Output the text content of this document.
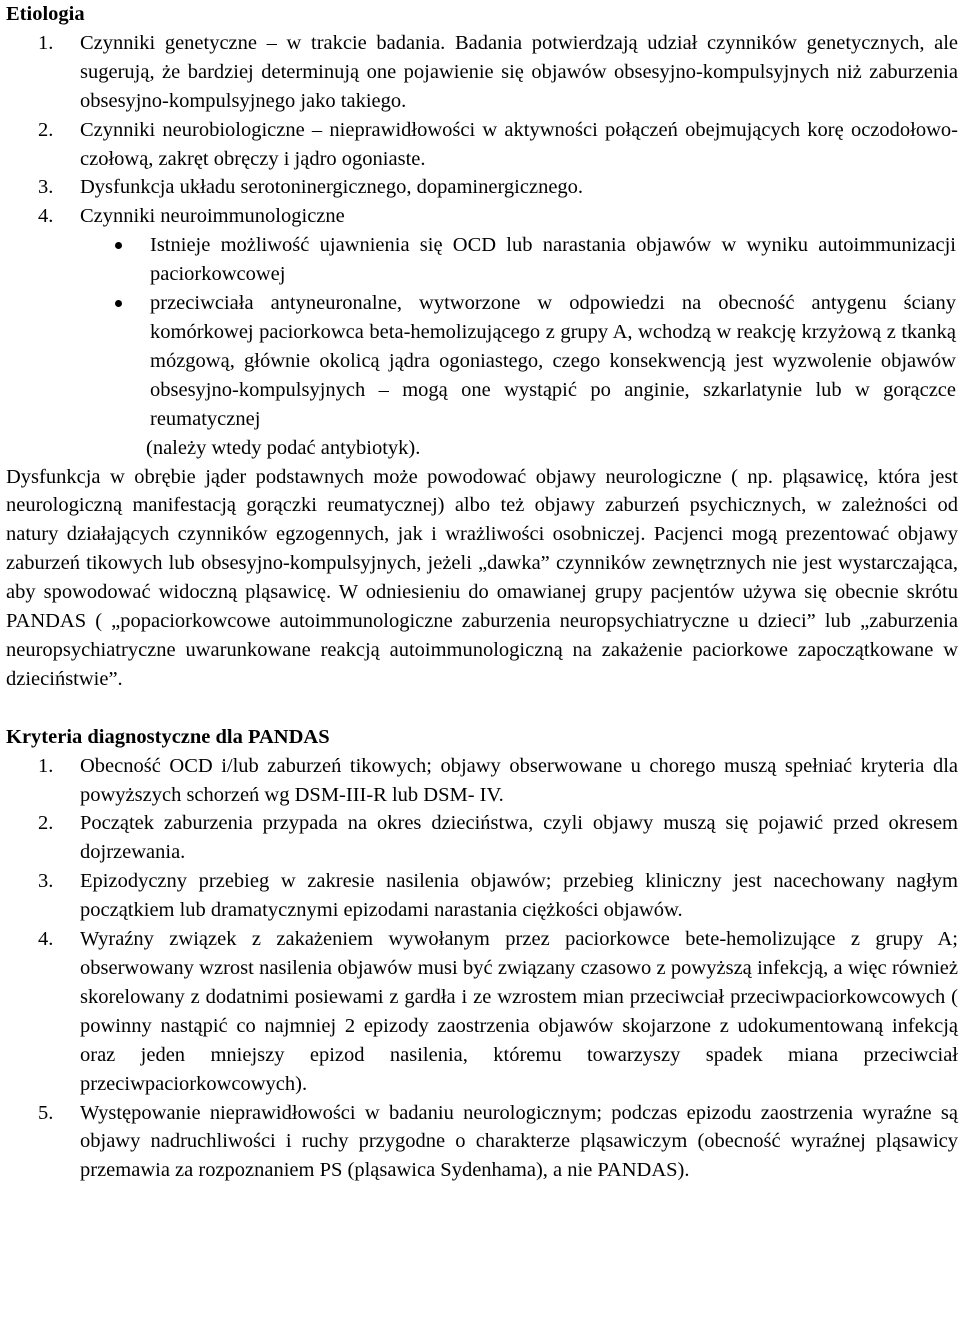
Etiologia

1. Czynniki genetyczne – w trakcie badania. Badania potwierdzają udział czynników genetycznych, ale sugerują, że bardziej determinują one pojawienie się objawów obsesyjno-kompulsyjnych niż zaburzenia obsesyjno-kompulsyjnego jako takiego.
2. Czynniki neurobiologiczne – nieprawidłowości w aktywności połączeń obejmujących korę oczodołowo-czołową, zakręt obręczy i jądro ogoniaste.
3. Dysfunkcja układu serotoninergicznego, dopaminergicznego.
4. Czynniki neuroimmunologiczne
Istnieje możliwość ujawnienia się OCD lub narastania objawów w wyniku autoimmunizacji paciorkowcowej
przeciwciała antyneuronalne, wytworzone w odpowiedzi na obecność antygenu ściany komórkowej paciorkowca beta-hemolizującego z grupy A, wchodzą w reakcję krzyżową z tkanką mózgową, głównie okolicą jądra ogoniastego, czego konsekwencją jest wyzwolenie objawów obsesyjno-kompulsyjnych – mogą one wystąpić po anginie, szkarlatynie lub w gorączce reumatycznej
(należy wtedy podać antybiotyk).

Dysfunkcja w obrębie jąder podstawnych może powodować objawy neurologiczne ( np. pląsawicę, która jest neurologiczną manifestacją gorączki reumatycznej) albo też objawy zaburzeń psychicznych, w zależności od natury działających czynników egzogennych, jak i wrażliwości osobniczej. Pacjenci mogą prezentować objawy zaburzeń tikowych lub obsesyjno-kompulsyjnych, jeżeli „dawka” czynników zewnętrznych nie jest wystarczająca, aby spowodować widoczną pląsawicę. W odniesieniu do omawianej grupy pacjentów używa się obecnie skrótu PANDAS ( „popaciorkowcowe autoimmunologiczne zaburzenia neuropsychiatryczne u dzieci” lub „zaburzenia neuropsychiatryczne uwarunkowane reakcją autoimmunologiczną na zakażenie paciorkowe zapoczątkowane w dzieciństwie”.

Kryteria diagnostyczne dla PANDAS

1. Obecność OCD i/lub zaburzeń tikowych; objawy obserwowane u chorego muszą spełniać kryteria dla powyższych schorzeń wg DSM-III-R lub DSM- IV.
2. Początek zaburzenia przypada na okres dzieciństwa, czyli objawy muszą się pojawić przed okresem dojrzewania.
3. Epizodyczny przebieg w zakresie nasilenia objawów; przebieg kliniczny jest nacechowany nagłym początkiem lub dramatycznymi epizodami narastania ciężkości objawów.
4. Wyraźny związek z zakażeniem wywołanym przez paciorkowce bete-hemolizujące z grupy A; obserwowany wzrost nasilenia objawów musi być związany czasowo z powyższą infekcją, a więc również skorelowany z dodatnimi posiewami z gardła i ze wzrostem mian przeciwciał przeciwpaciorkowcowych ( powinny nastąpić co najmniej 2 epizody zaostrzenia objawów skojarzone z udokumentowaną infekcją oraz jeden mniejszy epizod nasilenia, któremu towarzyszy spadek miana przeciwciał przeciwpaciorkowcowych).
5. Występowanie nieprawidłowości w badaniu neurologicznym; podczas epizodu zaostrzenia wyraźne są objawy nadruchliwości i ruchy przygodne o charakterze pląsawiczym (obecność wyraźnej pląsawicy przemawia za rozpoznaniem PS (pląsawica Sydenhama), a nie PANDAS).
